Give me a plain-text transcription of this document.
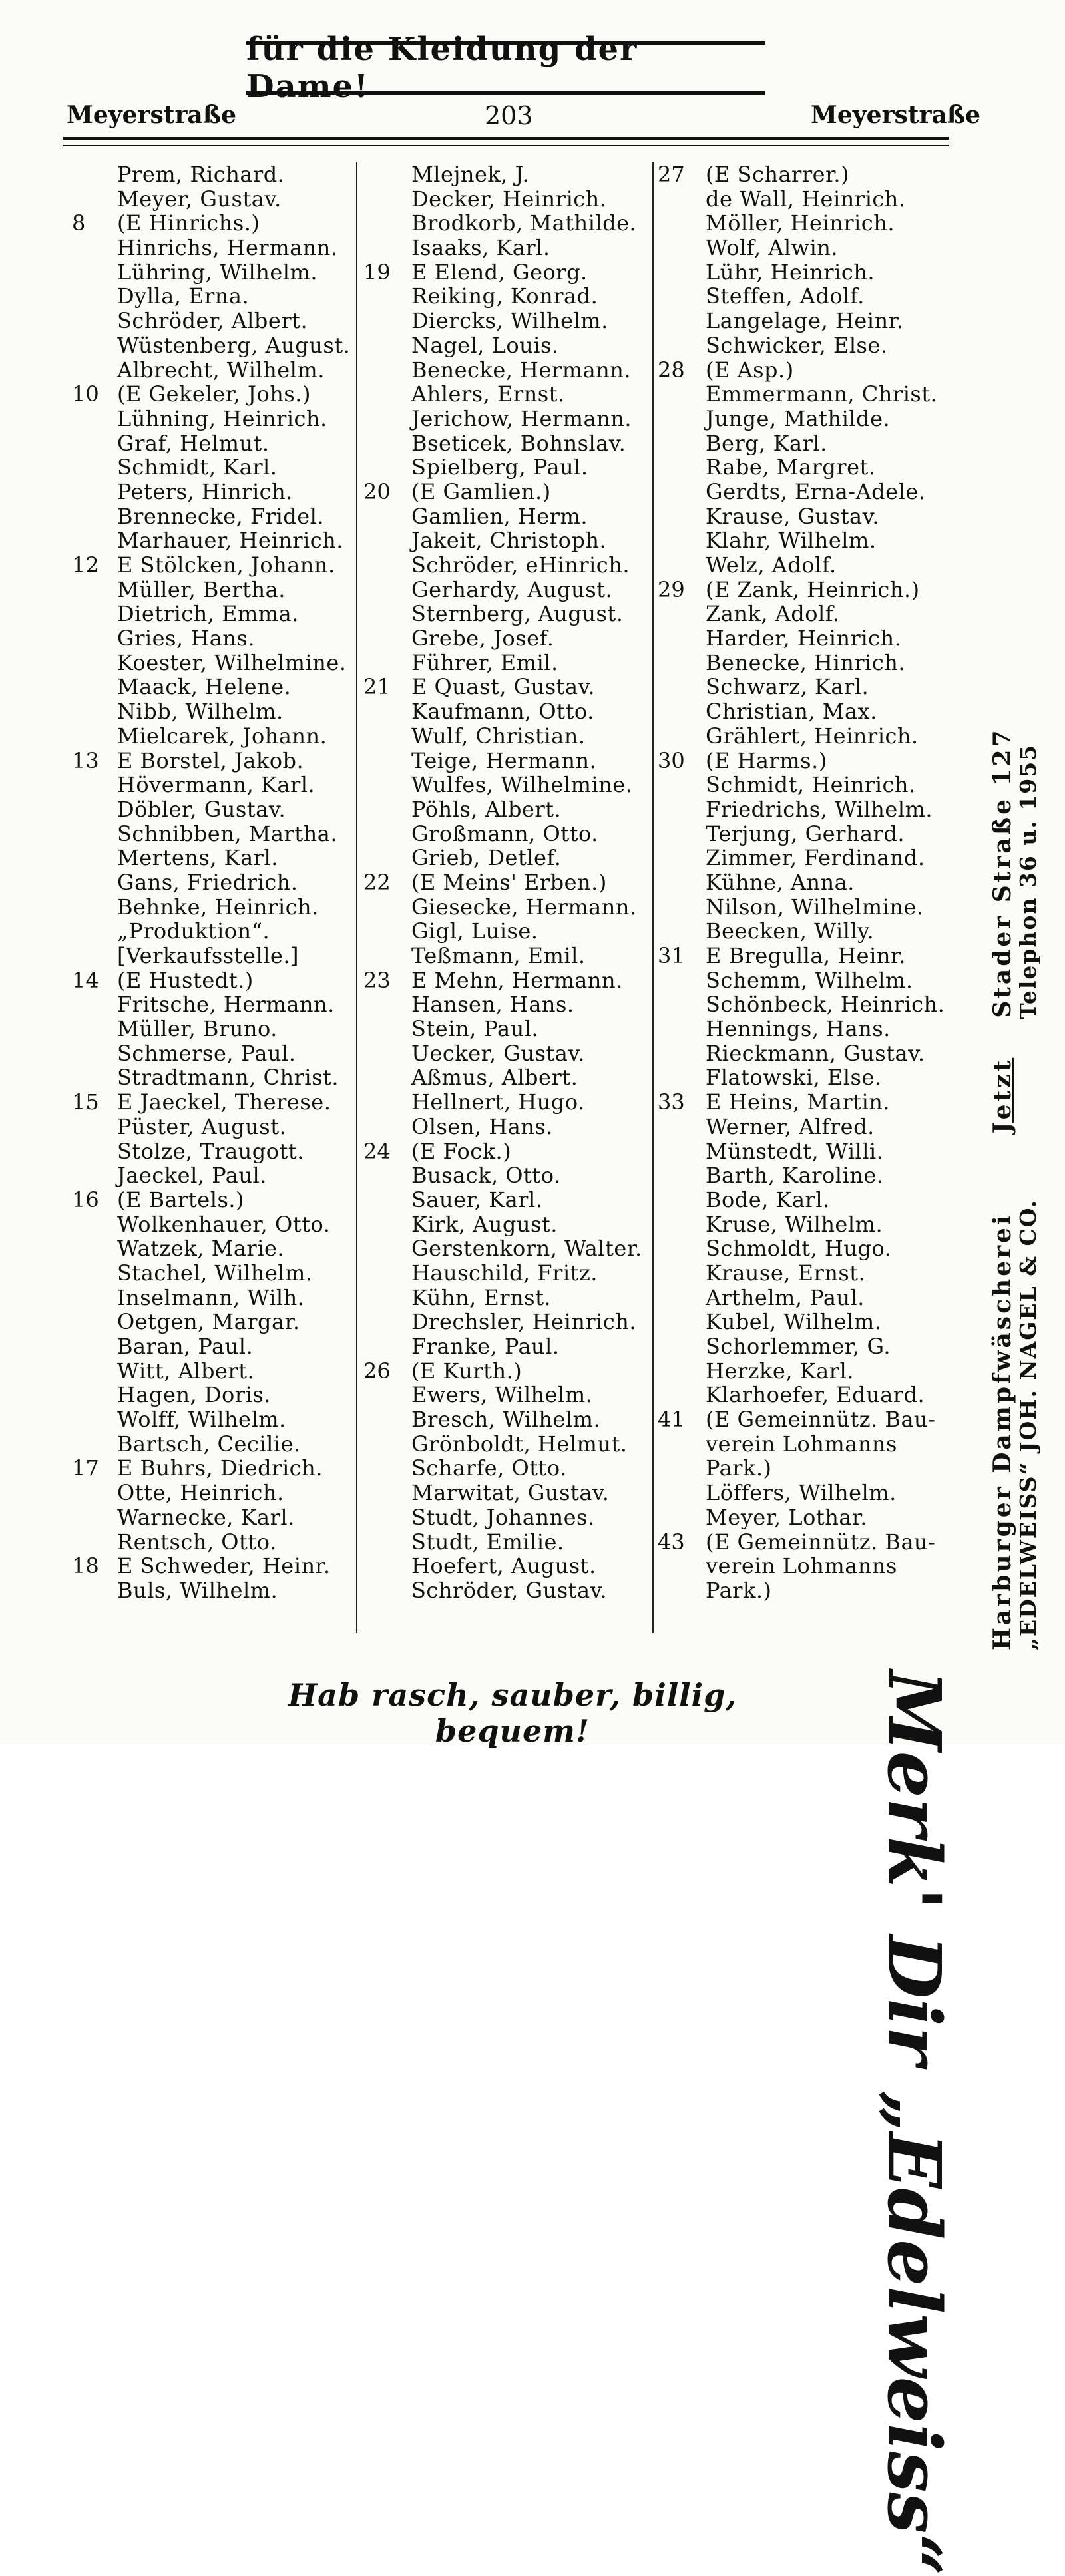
für die Kleidung der Dame!
Meyerstraße	203	Meyerstraße
Prem, Richard.
Meyer, Gustav.
8	(E Hinrichs.)
Hinrichs, Hermann.
Lühring, Wilhelm.
Dylla, Erna.
Schröder, Albert.
Wüstenberg, August.
Albrecht, Wilhelm.
10 (E Gekeler, Johs.)
Lühning, Heinrich.
Graf, Helmut.
Schmidt, Karl.
Peters, Hinrich.
Brennecke, Fridel.
Marhauer, Heinrich.
12 E Stölcken, Johann.
Müller, Bertha.
Dietrich, Emma.
Gries, Hans.
Koester, Wilhelmine.
Maack, Helene.
Nibb, Wilhelm.
Mielcarek, Johann.
13 E Borstel, Jakob.
Hövermann, Karl.
Döbler, Gustav.
Schnibben, Martha.
Mertens, Karl.
Gans, Friedrich.
Behnke, Heinrich.
„Produktion“.
[Verkaufsstelle.]
14 (E Hustedt.)
Fritsche, Hermann.
Müller, Bruno.
Schmerse, Paul.
Stradtmann, Christ.
15 E Jaeckel, Therese.
Püster, August.
Stolze, Traugott.
Jaeckel, Paul.
16 (E Bartels.)
Wolkenhauer, Otto.
Watzek, Marie.
Stachel, Wilhelm.
Inselmann, Wilh.
Oetgen, Margar.
Baran, Paul.
Witt, Albert.
Hagen, Doris.
Wolff, Wilhelm.
Bartsch, Cecilie.
17 E Buhrs, Diedrich.
Otte, Heinrich.
Warnecke, Karl.
Rentsch, Otto.
18 E Schweder, Heinr.
Buls, Wilhelm.
Mlejnek, J.
Decker, Heinrich.
Brodkorb, Mathilde.
Isaaks, Karl.
19 E Elend, Georg.
Reiking, Konrad.
Diercks, Wilhelm.
Nagel, Louis.
Benecke, Hermann.
Ahlers, Ernst.
Jerichow, Hermann.
Bseticek, Bohnslav.
Spielberg, Paul.
20 (E Gamlien.)
Gamlien, Herm.
Jakeit, Christoph.
Schröder, eHinrich.
Gerhardy, August.
Sternberg, August.
Grebe, Josef.
Führer, Emil.
21 E Quast, Gustav.
Kaufmann, Otto.
Wulf, Christian.
Teige, Hermann.
Wulfes, Wilhelmine.
Pöhls, Albert.
Großmann, Otto.
Grieb, Detlef.
22 (E Meins' Erben.)
Giesecke, Hermann.
Gigl, Luise.
Teßmann, Emil.
23 E Mehn, Hermann.
Hansen, Hans.
Stein, Paul.
Uecker, Gustav.
Aßmus, Albert.
Hellnert, Hugo.
Olsen, Hans.
24 (E Fock.)
Busack, Otto.
Sauer, Karl.
Kirk, August.
Gerstenkorn, Walter.
Hauschild, Fritz.
Kühn, Ernst.
Drechsler, Heinrich.
Franke, Paul.
26 (E Kurth.)
Ewers, Wilhelm.
Bresch, Wilhelm.
Grönboldt, Helmut.
Scharfe, Otto.
Marwitat, Gustav.
Studt, Johannes.
Studt, Emilie.
Hoefert, August.
Schröder, Gustav.
27 (E Scharrer.)
de Wall, Heinrich.
Möller, Heinrich.
Wolf, Alwin.
Lühr, Heinrich.
Steffen, Adolf.
Langelage, Heinr.
Schwicker, Else.
28 (E Asp.)
Emmermann, Christ.
Junge, Mathilde.
Berg, Karl.
Rabe, Margret.
Gerdts, Erna-Adele.
Krause, Gustav.
Klahr, Wilhelm.
Welz, Adolf.
29 (E Zank, Heinrich.)
Zank, Adolf.
Harder, Heinrich.
Benecke, Hinrich.
Schwarz, Karl.
Christian, Max.
Grählert, Heinrich.
30 (E Harms.)
Schmidt, Heinrich.
Friedrichs, Wilhelm.
Terjung, Gerhard.
Zimmer, Ferdinand.
Kühne, Anna.
Nilson, Wilhelmine.
Beecken, Willy.
31 E Bregulla, Heinr.
Schemm, Wilhelm.
Schönbeck, Heinrich.
Hennings, Hans.
Rieckmann, Gustav.
Flatowski, Else.
33 E Heins, Martin.
Werner, Alfred.
Münstedt, Willi.
Barth, Karoline.
Bode, Karl.
Kruse, Wilhelm.
Schmoldt, Hugo.
Krause, Ernst.
Arthelm, Paul.
Kubel, Wilhelm.
Schorlemmer, G.
Herzke, Karl.
Klarhoefer, Eduard.
41 (E Gemeinnütz. Bau-
verein Lohmanns
Park.)
Löffers, Wilhelm.
Meyer, Lothar.
43 (E Gemeinnütz. Bau-
verein Lohmanns
Park.)	Harburger DampfwäschereiJetztStader Straße 127
„EDELWEISS“ JOH. NAGEL & CO.Telephon 36 u. 1955
Merk' Dir „Edelweiss“
Hab rasch, sauber, billig, bequem!
